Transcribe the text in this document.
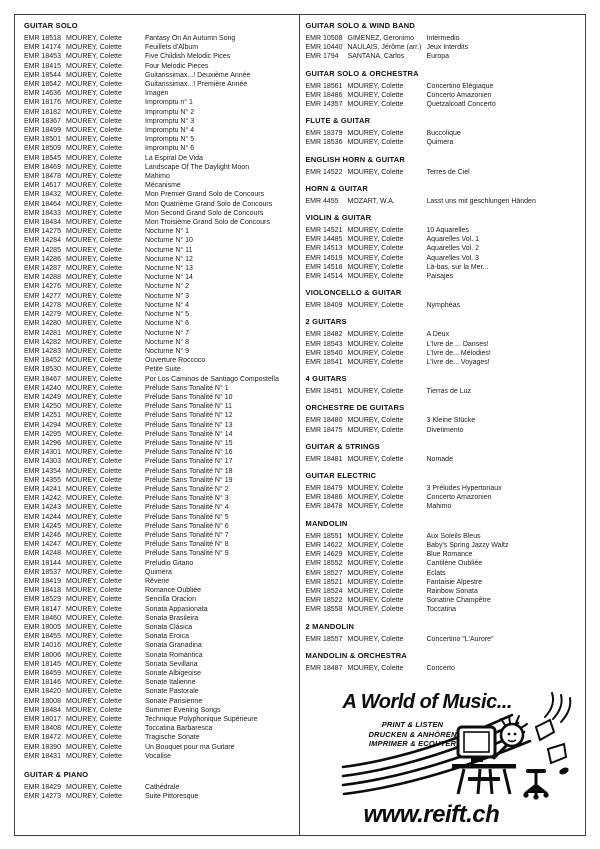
GUITAR SOLO
EMR 18518 MOUREY, Colette	Fantasy On An Autumn Song
EMR 14174 MOUREY, Colette	Feuillets d'Album
EMR 18453 MOUREY, Colette	Five Childish Melodic Pices
EMR 18415 MOUREY, Colette	Four Melodic Pieces
EMR 18544 MOUREY, Colette	Guitarissimax...! Deuxième Année
EMR 18542 MOUREY, Colette	Guitarissimax...! Première Année
EMR 14636 MOUREY, Colette	Imagen
EMR 18176 MOUREY, Colette	Impromptu n° 1
EMR 18182 MOUREY, Colette	Impromptu N° 2
EMR 18367 MOUREY, Colette	Impromptu N° 3
EMR 18499 MOUREY, Colette	Impromptu N° 4
EMR 18501 MOUREY, Colette	Impromptu N° 5
EMR 18509 MOUREY, Colette	Impromptu N° 6
EMR 18545 MOUREY, Colette	La Espiral De Vida
EMR 18469 MOUREY, Colette	Landscape Of The Daylight Moon
EMR 18478 MOUREY, Colette	Mahimo
EMR 14617 MOUREY, Colette	Mécanisme
EMR 18432 MOUREY, Colette	Mon Premier Grand Solo de Concours
EMR 18464 MOUREY, Colette	Mon Quatrième Grand Solo de Concours
EMR 18433 MOUREY, Colette	Mon Second Grand Solo de Concours
EMR 18434 MOUREY, Colette	Mon Troisième Grand Solo de Concours
EMR 14275 MOUREY, Colette	Nocturne N° 1
EMR 14284 MOUREY, Colette	Nocturne N° 10
EMR 14285 MOUREY, Colette	Nocturne N° 11
EMR 14286 MOUREY, Colette	Nocturne N° 12
EMR 14287 MOUREY, Colette	Nocturne N° 13
EMR 14288 MOUREY, Colette	Nocturne N° 14
EMR 14276 MOUREY, Colette	Nocturne N° 2
EMR 14277 MOUREY, Colette	Nocturne N° 3
EMR 14278 MOUREY, Colette	Nocturne N° 4
EMR 14279 MOUREY, Colette	Nocturne N° 5
EMR 14280 MOUREY, Colette	Nocturne N° 6
EMR 14281 MOUREY, Colette	Nocturne N° 7
EMR 14282 MOUREY, Colette	Nocturne N° 8
EMR 14283 MOUREY, Colette	Nocturne N° 9
EMR 18452 MOUREY, Colette	Ouverture Roccoco
EMR 18530 MOUREY, Colette	Petite Suite
EMR 18467 MOUREY, Colette	Por Los Caminos de Santiago Compostella
EMR 14240 MOUREY, Colette	Prélude Sans Tonalité N° 1
EMR 14249 MOUREY, Colette	Prélude Sans Tonalité N° 10
EMR 14250 MOUREY, Colette	Prélude Sans Tonalité N° 11
EMR 14251 MOUREY, Colette	Prélude Sans Tonalité N° 12
EMR 14294 MOUREY, Colette	Prélude Sans Tonalité N° 13
EMR 14295 MOUREY, Colette	Prélude Sans Tonalité N° 14
EMR 14296 MOUREY, Colette	Prélude Sans Tonalité N° 15
EMR 14301 MOUREY, Colette	Prélude Sans Tonalité N° 16
EMR 14303 MOUREY, Colette	Prélude Sans Tonalité N° 17
EMR 14354 MOUREY, Colette	Prélude Sans Tonalité N° 18
EMR 14355 MOUREY, Colette	Prélude Sans Tonalité N° 19
EMR 14241 MOUREY, Colette	Prélude Sans Tonalité N° 2
EMR 14242 MOUREY, Colette	Prélude Sans Tonalité N° 3
EMR 14243 MOUREY, Colette	Prélude Sans Tonalité N° 4
EMR 14244 MOUREY, Colette	Prélude Sans Tonalité N° 5
EMR 14245 MOUREY, Colette	Prélude Sans Tonalité N° 6
EMR 14246 MOUREY, Colette	Prélude Sans Tonalité N° 7
EMR 14247 MOUREY, Colette	Prélude Sans Tonalité N° 8
EMR 14248 MOUREY, Colette	Prélude Sans Tonalité N° 9
EMR 18144 MOUREY, Colette	Preludio Gitano
EMR 18537 MOUREY, Colette	Quimera
EMR 18419 MOUREY, Colette	Rêverie
EMR 18418 MOUREY, Colette	Romance Oubliée
EMR 18529 MOUREY, Colette	Sencilla Oracion
EMR 18147 MOUREY, Colette	Sonata Appasionata
EMR 18460 MOUREY, Colette	Sonata Brasileira
EMR 18005 MOUREY, Colette	Sonata Clásica
EMR 18455 MOUREY, Colette	Sonata Eroica
EMR 14016 MOUREY, Colette	Sonata Granadina
EMR 18006 MOUREY, Colette	Sonata Romántica
EMR 18145 MOUREY, Colette	Sonata Sevillana
EMR 18459 MOUREY, Colette	Sonate Albigeoise
EMR 18146 MOUREY, Colette	Sonate Italienne
EMR 18420 MOUREY, Colette	Sonate Pastorale
EMR 18008 MOUREY, Colette	Sonate Parisienne
EMR 18484 MOUREY, Colette	Summer Evening Songs
EMR 18017 MOUREY, Colette	Technique Polyphonique Supérieure
EMR 18408 MOUREY, Colette	Toccatina Barbaresca
EMR 18472 MOUREY, Colette	Tragische Sonate
EMR 18390 MOUREY, Colette	Un Bouquet pour ma Guitare
EMR 18431 MOUREY, Colette	Vocalise
GUITAR & PIANO
EMR 18429 MOUREY, Colette	Cathédrale
EMR 14273 MOUREY, Colette	Suite Pittoresque
GUITAR SOLO & WIND BAND
EMR 10508 GIMENEZ, Geronimo	Intermedio
EMR 10440 NAULAIS, Jérôme (arr.) Jeux Interdits
EMR 1794	SANTANA, Carlos	Europa
GUITAR SOLO & ORCHESTRA
EMR 18561 MOUREY, Colette	Concertino Elégiaque
EMR 18486 MOUREY, Colette	Concerto Amazonien
EMR 14357 MOUREY, Colette	Quetzalcoatl Concerto
FLUTE & GUITAR
EMR 18379 MOUREY, Colette	Buccolique
EMR 18536 MOUREY, Colette	Quimera
ENGLISH HORN & GUITAR
EMR 14522 MOUREY, Colette	Terres de Ciel
HORN & GUITAR
EMR 4455	MOZART, W.A.	Lasst uns mit geschlungen Händen
VIOLIN & GUITAR
EMR 14521 MOUREY, Colette	10 Aquarelles
EMR 14485 MOUREY, Colette	Aquarelles Vol. 1
EMR 14513 MOUREY, Colette	Aquarelles Vol. 2
EMR 14519 MOUREY, Colette	Aquarelles Vol. 3
EMR 14518 MOUREY, Colette	Là-bas, sur la Mer...
EMR 14514 MOUREY, Colette	Paisajes
VIOLONCELLO & GUITAR
EMR 18409 MOUREY, Colette	Nymphéas
2 GUITARS
EMR 18482 MOUREY, Colette	A Deux
EMR 18543 MOUREY, Colette	L'Ivre de ... Danses!
EMR 18540 MOUREY, Colette	L'Ivre de... Mélodies!
EMR 18541 MOUREY, Colette	L'Ivre de... Voyages!
4 GUITARS
EMR 18451 MOUREY, Colette	Tierras de Luz
ORCHESTRE DE GUITARS
EMR 18480 MOUREY, Colette	3 Kleine Stücke
EMR 18475 MOUREY, Colette	Divetimento
GUITAR & STRINGS
EMR 18481 MOUREY, Colette	Nomade
GUITAR ELECTRIC
EMR 18479 MOUREY, Colette	3 Préludes Hypertonaux
EMR 18486 MOUREY, Colette	Concerto Amazonien
EMR 18478 MOUREY, Colette	Mahimo
MANDOLIN
EMR 18551 MOUREY, Colette	Aux Soleils Bleus
EMR 14622 MOUREY, Colette	Baby's Spring Jazzy Waltz
EMR 14629 MOUREY, Colette	Blue Romance
EMR 18552 MOUREY, Colette	Cantilène Oubliée
EMR 18527 MOUREY, Colette	Eclats
EMR 18521 MOUREY, Colette	Fantaisie Alpestre
EMR 18524 MOUREY, Colette	Rainbow Sonata
EMR 18522 MOUREY, Colette	Sonatine Champêtre
EMR 18558 MOUREY, Colette	Toccatina
2 MANDOLIN
EMR 18557 MOUREY, Colette	Concertino "L'Aurore"
MANDOLIN & ORCHESTRA
EMR 18487 MOUREY, Colette	Concerto
A World of Music...
PRINT & LISTEN
DRUCKEN & ANHÖREN
IMPRIMER & ECOUTER
www.reift.ch
